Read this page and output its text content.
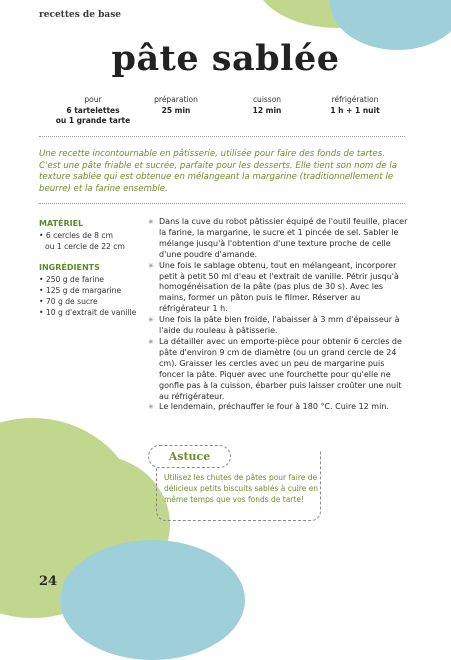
recettes de base
pâte sablée
pour
6 tartelettes
ou 1 grande tarte
préparation
25 min
cuisson
12 min
réfrigération
1 h + 1 nuit
Une recette incontournable en pâtisserie, utilisée pour faire des fonds de tartes. C'est une pâte friable et sucrée, parfaite pour les desserts. Elle tient son nom de la texture sablée qui est obtenue en mélangeant la margarine (traditionnellement le beurre) et la farine ensemble.
MATÉRIEL
• 6 cercles de 8 cm
ou 1 cercle de 22 cm
INGRÉDIENTS
• 250 g de farine
• 125 g de margarine
• 70 g de sucre
• 10 g d'extrait de vanille
✳ Dans la cuve du robot pâtissier équipé de l'outil feuille, placer la farine, la margarine, le sucre et 1 pincée de sel. Sabler le mélange jusqu'à l'obtention d'une texture proche de celle d'une poudre d'amande.
✳ Une fois le sablage obtenu, tout en mélangeant, incorporer petit à petit 50 ml d'eau et l'extrait de vanille. Pétrir jusqu'à homogénéisation de la pâte (pas plus de 30 s). Avec les mains, former un pâton puis le filmer. Réserver au réfrigérateur 1 h.
✳ Une fois la pâte bien froide, l'abaisser à 3 mm d'épaisseur à l'aide du rouleau à pâtisserie.
✳ La détailler avec un emporte-pièce pour obtenir 6 cercles de pâte d'environ 9 cm de diamètre (ou un grand cercle de 24 cm). Graisser les cercles avec un peu de margarine puis foncer la pâte. Piquer avec une fourchette pour qu'elle ne gonfle pas à la cuisson, ébarber puis laisser croûter une nuit au réfrigérateur.
✳ Le lendemain, préchauffer le four à 180 °C. Cuire 12 min.
Astuce
Utilisez les chutes de pâtes pour faire de délicieux petits biscuits sablés à cuire en même temps que vos fonds de tarte!
24
